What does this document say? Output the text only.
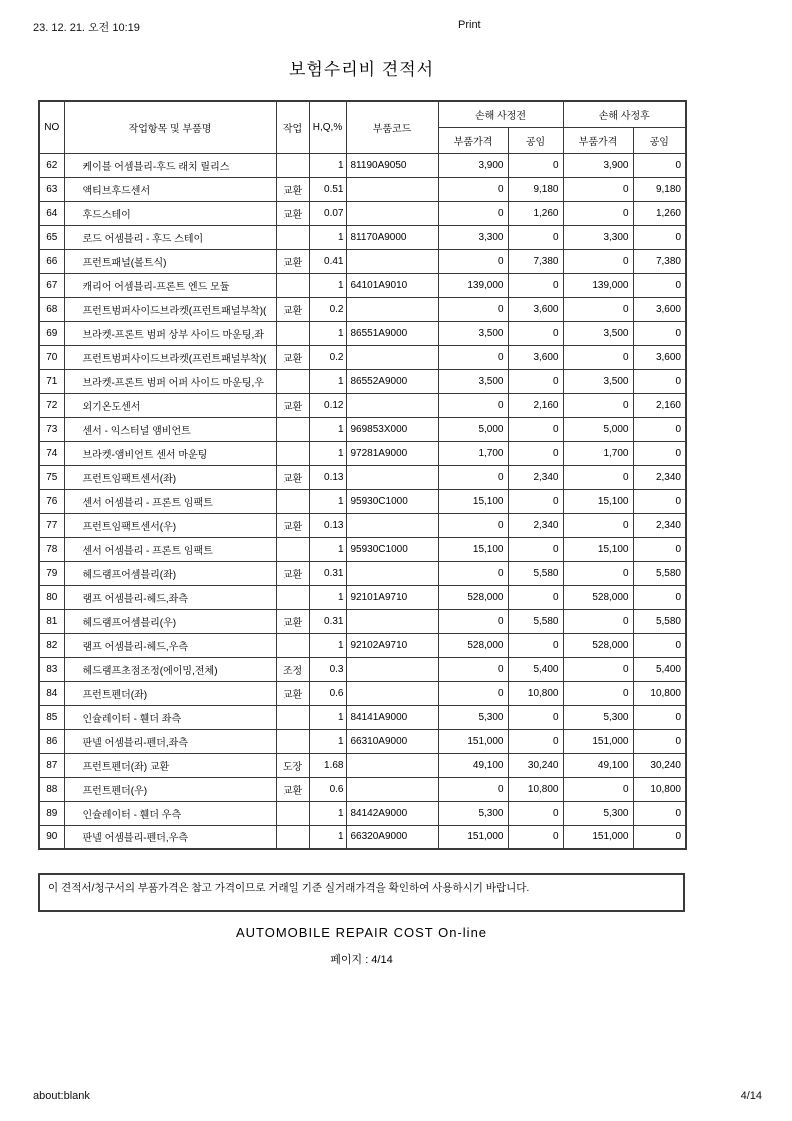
23. 12. 21. 오전 10:19	Print
보험수리비 견적서
NO	작업항목 및 부품명	작업	H,Q,%	부품코드	손해 사정전		손해 사정후	
					부품가격	공임	부품가격	공임
62	케이블 어셈블리-후드 래치 릴리스		1	81190A9050	3,900	0	3,900	0
63	액티브후드센서	교환	0.51		0	9,180	0	9,180
64	후드스테이	교환	0.07		0	1,260	0	1,260
65	로드 어셈블리 - 후드 스테이		1	81170A9000	3,300	0	3,300	0
66	프런트패널(볼트식)	교환	0.41		0	7,380	0	7,380
67	캐리어 어셈블리-프론트 엔드 모듈		1	64101A9010	139,000	0	139,000	0
68	프런트범퍼사이드브라켓(프런트패널부착)(	교환	0.2		0	3,600	0	3,600
69	브라켓-프론트 범퍼 상부 사이드 마운팅,좌		1	86551A9000	3,500	0	3,500	0
70	프런트범퍼사이드브라켓(프런트패널부착)(	교환	0.2		0	3,600	0	3,600
71	브라켓-프론트 범퍼 어퍼 사이드 마운팅,우		1	86552A9000	3,500	0	3,500	0
72	외기온도센서	교환	0.12		0	2,160	0	2,160
73	센서 - 익스터널 앰비언트		1	969853X000	5,000	0	5,000	0
74	브라켓-앰비언트 센서 마운팅		1	97281A9000	1,700	0	1,700	0
75	프런트임팩트센서(좌)	교환	0.13		0	2,340	0	2,340
76	센서 어셈블리 - 프론트 임팩트		1	95930C1000	15,100	0	15,100	0
77	프런트임팩트센서(우)	교환	0.13		0	2,340	0	2,340
78	센서 어셈블리 - 프론트 임팩트		1	95930C1000	15,100	0	15,100	0
79	헤드램프어셈블리(좌)	교환	0.31		0	5,580	0	5,580
80	램프 어셈블리-헤드,좌측		1	92101A9710	528,000	0	528,000	0
81	헤드램프어셈블리(우)	교환	0.31		0	5,580	0	5,580
82	램프 어셈블리-헤드,우측		1	92102A9710	528,000	0	528,000	0
83	헤드램프초점조정(에이밍,전체)	조정	0.3		0	5,400	0	5,400
84	프런트펜더(좌)	교환	0.6		0	10,800	0	10,800
85	인슐레이터 - 휀더 좌측		1	84141A9000	5,300	0	5,300	0
86	판넬 어셈블리-펜더,좌측		1	66310A9000	151,000	0	151,000	0
87	프런트펜더(좌) 교환	도장	1.68		49,100	30,240	49,100	30,240
88	프런트펜더(우)	교환	0.6		0	10,800	0	10,800
89	인슐레이터 - 휀더 우측		1	84142A9000	5,300	0	5,300	0
90	판넬 어셈블리-펜더,우측		1	66320A9000	151,000	0	151,000	0
이 견적서/청구서의 부품가격은 참고 가격이므로 거래일 기준 실거래가격을 확인하여 사용하시기 바랍니다.
AUTOMOBILE REPAIR COST On-line
페이지 : 4/14
about:blank	4/14
